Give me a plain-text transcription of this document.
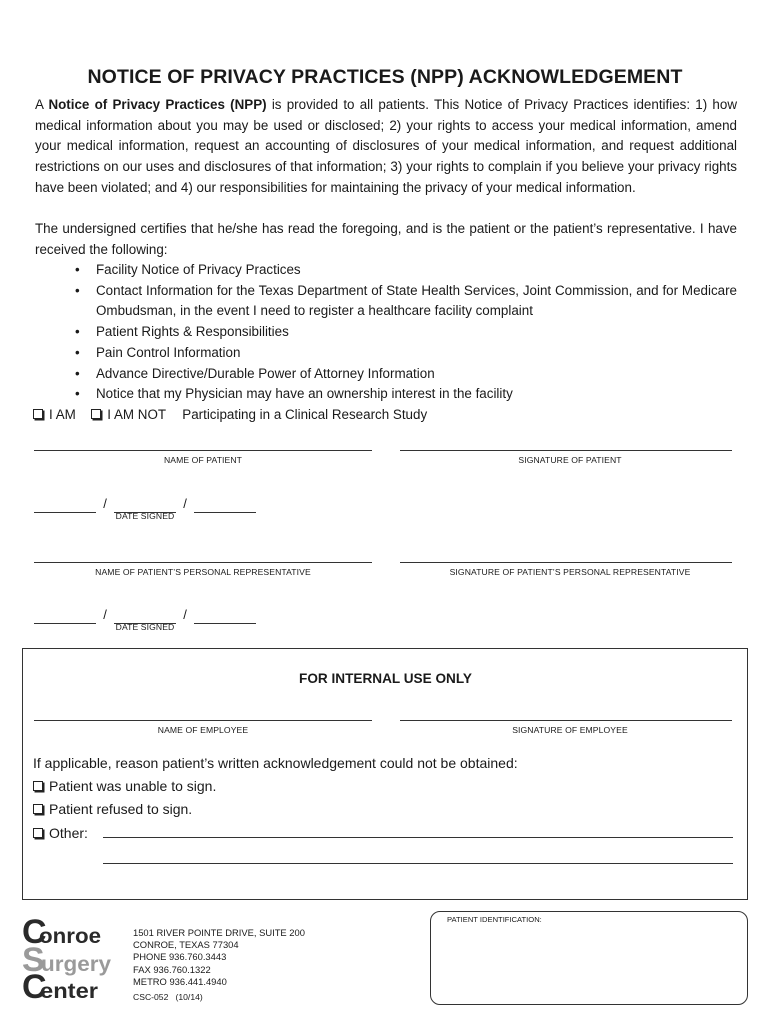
NOTICE OF PRIVACY PRACTICES (NPP) ACKNOWLEDGEMENT
A Notice of Privacy Practices (NPP) is provided to all patients. This Notice of Privacy Practices identifies: 1) how medical information about you may be used or disclosed; 2) your rights to access your medical information, amend your medical information, request an accounting of disclosures of your medical information, and request additional restrictions on our uses and disclosures of that information; 3) your rights to complain if you believe your privacy rights have been violated; and 4) our responsibilities for maintaining the privacy of your medical information.
The undersigned certifies that he/she has read the foregoing, and is the patient or the patient’s representative. I have received the following:
• Facility Notice of Privacy Practices
• Contact Information for the Texas Department of State Health Services, Joint Commission, and for Medicare Ombudsman, in the event I need to register a healthcare facility complaint
• Patient Rights & Responsibilities
• Pain Control Information
• Advance Directive/Durable Power of Attorney Information
• Notice that my Physician may have an ownership interest in the facility
I AM I AM NOT Participating in a Clinical Research Study
NAME OF PATIENT	SIGNATURE OF PATIENT
/	/
DATE SIGNED
NAME OF PATIENT’S PERSONAL REPRESENTATIVE	SIGNATURE OF PATIENT’S PERSONAL REPRESENTATIVE
/	/
DATE SIGNED
FOR INTERNAL USE ONLY
NAME OF EMPLOYEE	SIGNATURE OF EMPLOYEE
If applicable, reason patient’s written acknowledgement could not be obtained:
Patient was unable to sign.
Patient refused to sign.
Other:
C
onroe
S
urgery
C
enter
1501 RIVER POINTE DRIVE, SUITE 200
CONROE, TEXAS 77304
PHONE 936.760.3443
FAX 936.760.1322
METRO 936.441.4940
CSC-052   (10/14)
PATIENT IDENTIFICATION:
